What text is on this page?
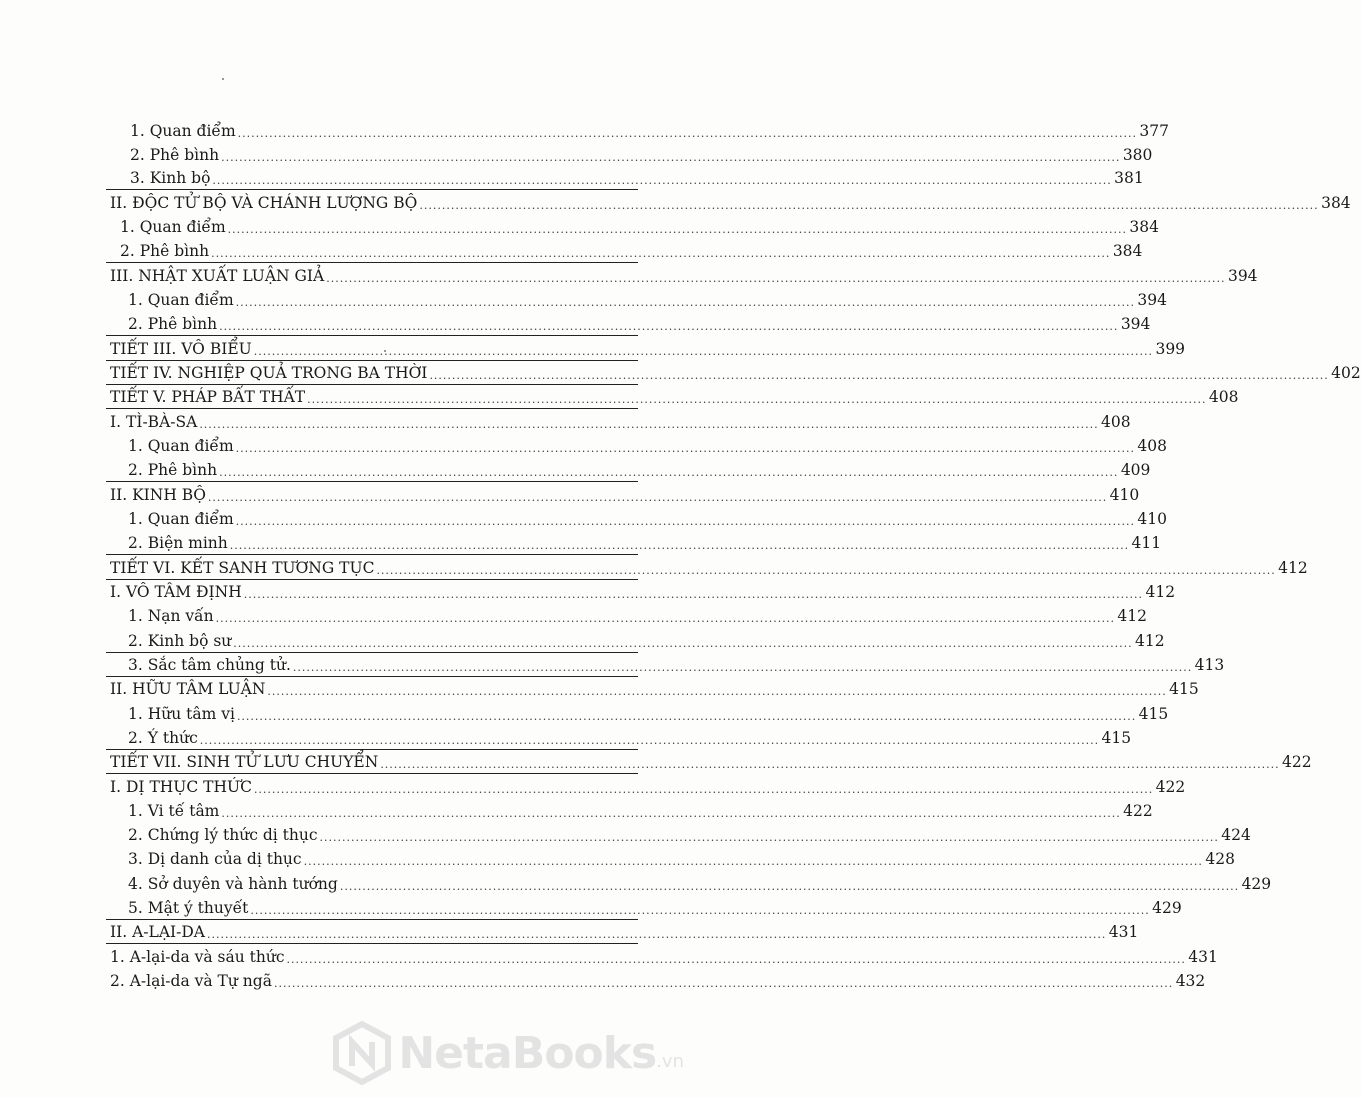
1. Quan điểm ........................................................................................................................................................................................................ 377
2. Phê bình ........................................................................................................................................................................................................ 380
3. Kinh bộ ........................................................................................................................................................................................................ 381
II. ĐỘC TỬ BỘ VÀ CHÁNH LƯỢNG BỘ ........................................................................................................................................................................................................ 384
1. Quan điểm ........................................................................................................................................................................................................ 384
2. Phê bình ........................................................................................................................................................................................................ 384
III. NHẬT XUẤT LUẬN GIẢ ........................................................................................................................................................................................................ 394
1. Quan điểm ........................................................................................................................................................................................................ 394
2. Phê bình ........................................................................................................................................................................................................ 394
TIẾT III. VÔ BIỂU ........................................................................................................................................................................................................ 399
TIẾT IV. NGHIỆP QUẢ TRONG BA THỜI ........................................................................................................................................................................................................ 402
TIẾT V. PHÁP BẤT THẤT ........................................................................................................................................................................................................ 408
I. TÌ-BÀ-SA ........................................................................................................................................................................................................ 408
1. Quan điểm ........................................................................................................................................................................................................ 408
2. Phê bình ........................................................................................................................................................................................................ 409
II. KINH BỘ ........................................................................................................................................................................................................ 410
1. Quan điểm ........................................................................................................................................................................................................ 410
2. Biện minh ........................................................................................................................................................................................................ 411
TIẾT VI. KẾT SANH TƯƠNG TỤC ........................................................................................................................................................................................................ 412
I. VÔ TÂM ĐỊNH ........................................................................................................................................................................................................ 412
1. Nạn vấn ........................................................................................................................................................................................................ 412
2. Kinh bộ sư ........................................................................................................................................................................................................ 412
3. Sắc tâm chủng tử. ........................................................................................................................................................................................................ 413
II. HỮU TÂM LUẬN ........................................................................................................................................................................................................ 415
1. Hữu tâm vị ........................................................................................................................................................................................................ 415
2. Ý thức ........................................................................................................................................................................................................ 415
TIẾT VII. SINH TỬ LƯU CHUYỂN ........................................................................................................................................................................................................ 422
I. DỊ THỤC THỨC ........................................................................................................................................................................................................ 422
1. Vi tế tâm ........................................................................................................................................................................................................ 422
2. Chứng lý thức dị thục ........................................................................................................................................................................................................ 424
3. Dị danh của dị thục ........................................................................................................................................................................................................ 428
4. Sở duyên và hành tướng ........................................................................................................................................................................................................ 429
5. Mật ý thuyết ........................................................................................................................................................................................................ 429
II. A-LẠI-DA ........................................................................................................................................................................................................ 431
1. A-lại-da và sáu thức ........................................................................................................................................................................................................ 431
2. A-lại-da và Tự ngã ........................................................................................................................................................................................................ 432
NetaBooks .vn
